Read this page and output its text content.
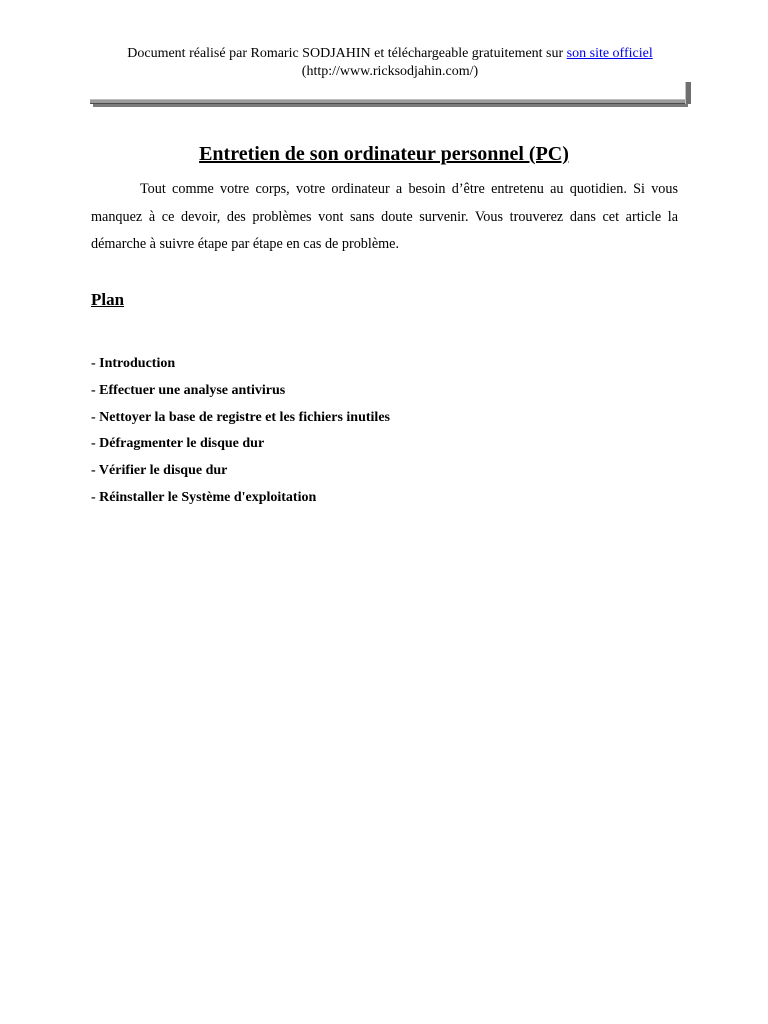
Document réalisé par Romaric SODJAHIN et téléchargeable gratuitement sur son site officiel
(http://www.ricksodjahin.com/)
Entretien de son ordinateur personnel (PC)

Tout comme votre corps, votre ordinateur a besoin d’être entretenu au quotidien. Si vous manquez à ce devoir, des problèmes vont sans doute survenir. Vous trouverez dans cet article la démarche à suivre étape par étape en cas de problème.

Plan
- Introduction
- Effectuer une analyse antivirus
- Nettoyer la base de registre et les fichiers inutiles
- Défragmenter le disque dur
- Vérifier le disque dur
- Réinstaller le Système d'exploitation
